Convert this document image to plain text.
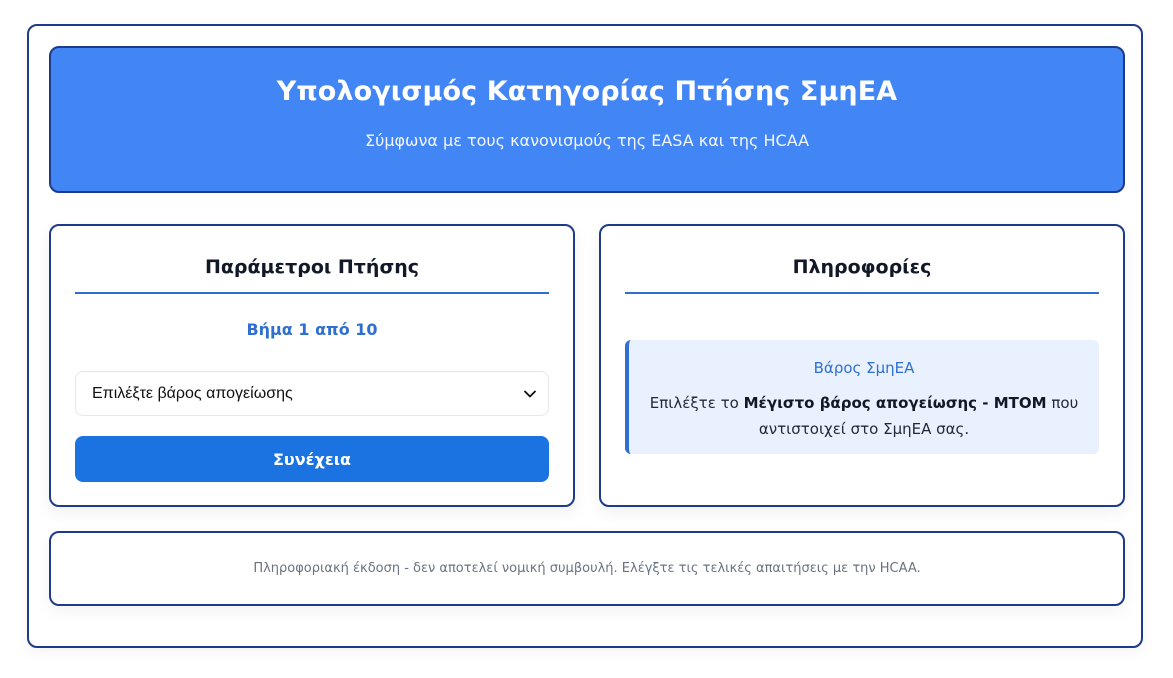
Υπολογισμός Κατηγορίας Πτήσης ΣμηΕΑ
Σύμφωνα με τους κανονισμούς της EASA και της HCAA
Παράμετροι Πτήσης
Βήμα 1 από 10
Επιλέξτε βάρος απογείωσης
Συνέχεια
Πληροφορίες
Βάρος ΣμηΕΑ
Επιλέξτε το Μέγιστο βάρος απογείωσης - MTOM που αντιστοιχεί στο ΣμηΕΑ σας.
Πληροφοριακή έκδοση - δεν αποτελεί νομική συμβουλή. Ελέγξτε τις τελικές απαιτήσεις με την HCAA.
